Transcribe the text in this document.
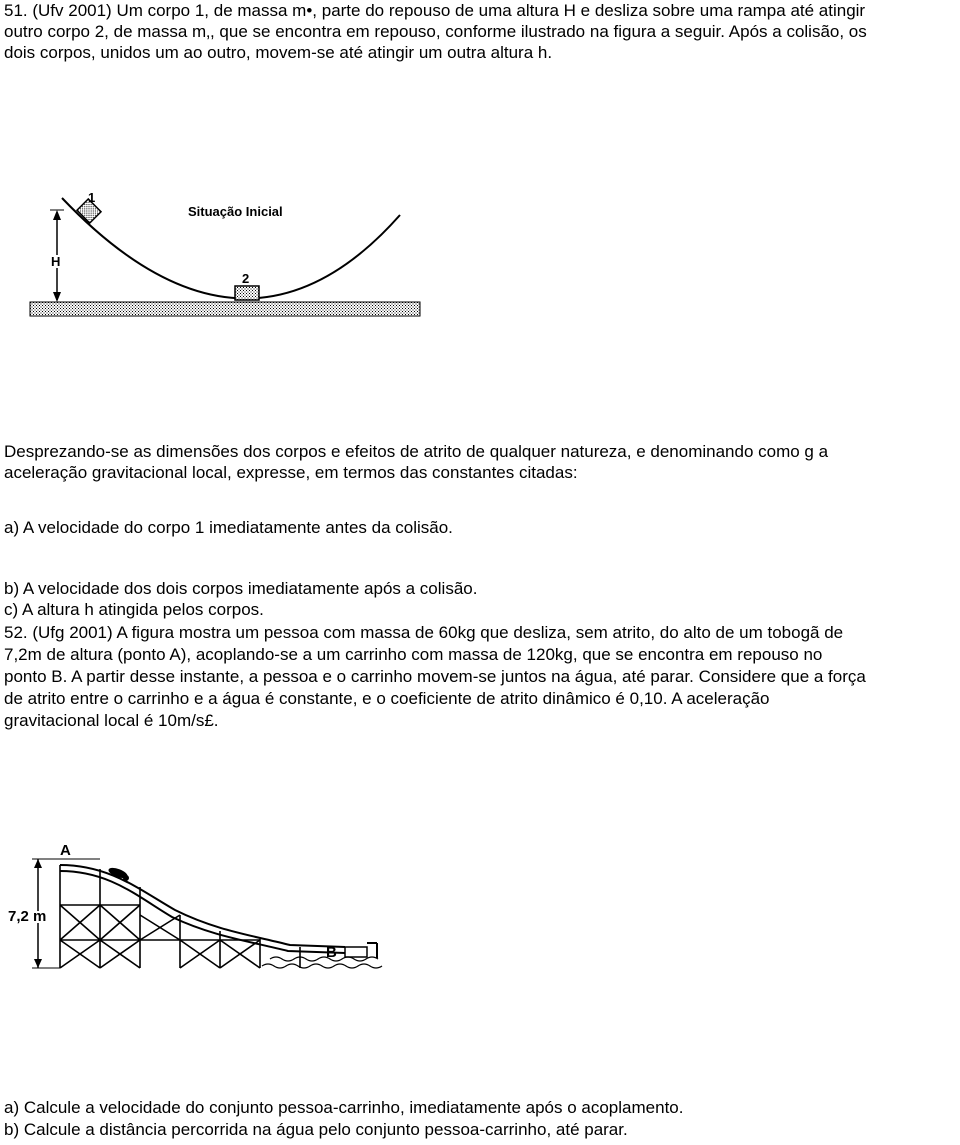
51. (Ufv 2001) Um corpo 1, de massa m•, parte do repouso de uma altura H e desliza sobre uma rampa até atingir

outro corpo 2, de massa m‚, que se encontra em repouso, conforme ilustrado na figura a seguir. Após a colisão, os

dois corpos, unidos um ao outro, movem-se até atingir um outra altura h.

1
2
H
Situação Inicial

Desprezando-se as dimensões dos corpos e efeitos de atrito de qualquer natureza, e denominando como g a

aceleração gravitacional local, expresse, em termos das constantes citadas:

a) A velocidade do corpo 1 imediatamente antes da colisão.

b) A velocidade dos dois corpos imediatamente após a colisão.

c) A altura h atingida pelos corpos.

52. (Ufg 2001) A figura mostra um pessoa com massa de 60kg que desliza, sem atrito, do alto de um tobogã de

7,2m de altura (ponto A), acoplando-se a um carrinho com massa de 120kg, que se encontra em repouso no

ponto B. A partir desse instante, a pessoa e o carrinho movem-se juntos na água, até parar. Considere que a força

de atrito entre o carrinho e a água é constante, e o coeficiente de atrito dinâmico é 0,10. A aceleração

gravitacional local é 10m/s£.

7,2 m
A
B

a) Calcule a velocidade do conjunto pessoa-carrinho, imediatamente após o acoplamento.

b) Calcule a distância percorrida na água pelo conjunto pessoa-carrinho, até parar.
